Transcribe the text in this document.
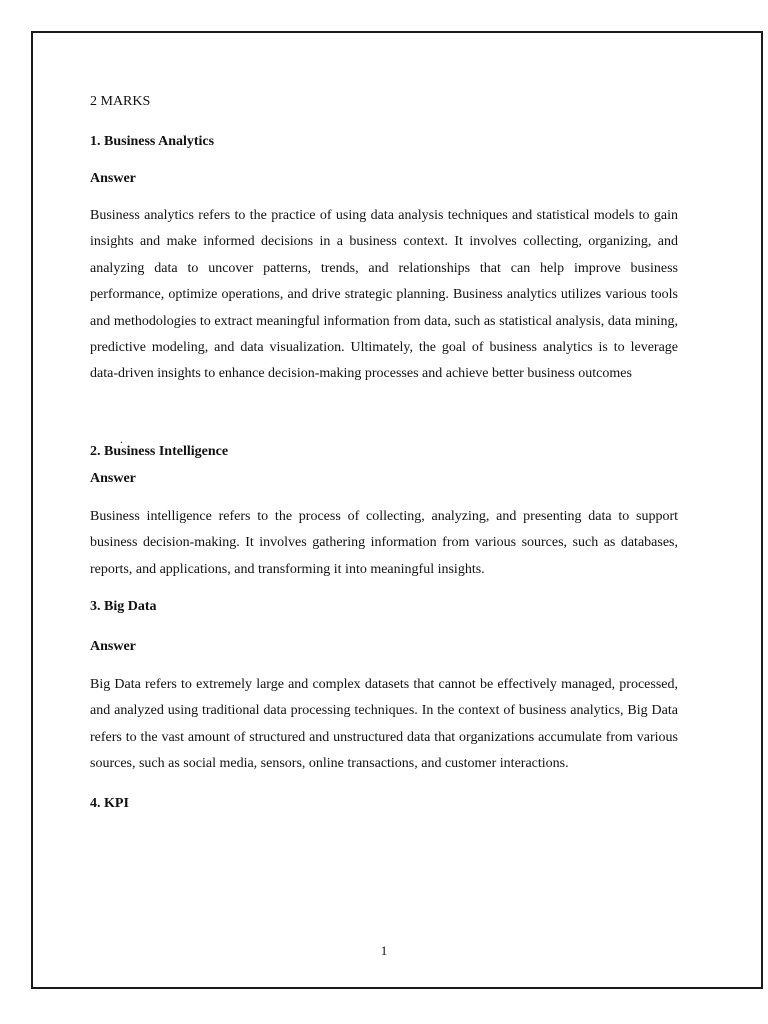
2 MARKS

1. Business Analytics

Answer

Business analytics refers to the practice of using data analysis techniques and statistical models to gain insights and make informed decisions in a business context. It involves collecting, organizing, and analyzing data to uncover patterns, trends, and relationships that can help improve business performance, optimize operations, and drive strategic planning. Business analytics utilizes various tools and methodologies to extract meaningful information from data, such as statistical analysis, data mining, predictive modeling, and data visualization. Ultimately, the goal of business analytics is to leverage data-driven insights to enhance decision-making processes and achieve better business outcomes

2. Business Intelligence

Answer

Business intelligence refers to the process of collecting, analyzing, and presenting data to support business decision-making. It involves gathering information from various sources, such as databases, reports, and applications, and transforming it into meaningful insights.

3. Big Data

Answer

Big Data refers to extremely large and complex datasets that cannot be effectively managed, processed, and analyzed using traditional data processing techniques. In the context of business analytics, Big Data refers to the vast amount of structured and unstructured data that organizations accumulate from various sources, such as social media, sensors, online transactions, and customer interactions.

4. KPI

.
1
